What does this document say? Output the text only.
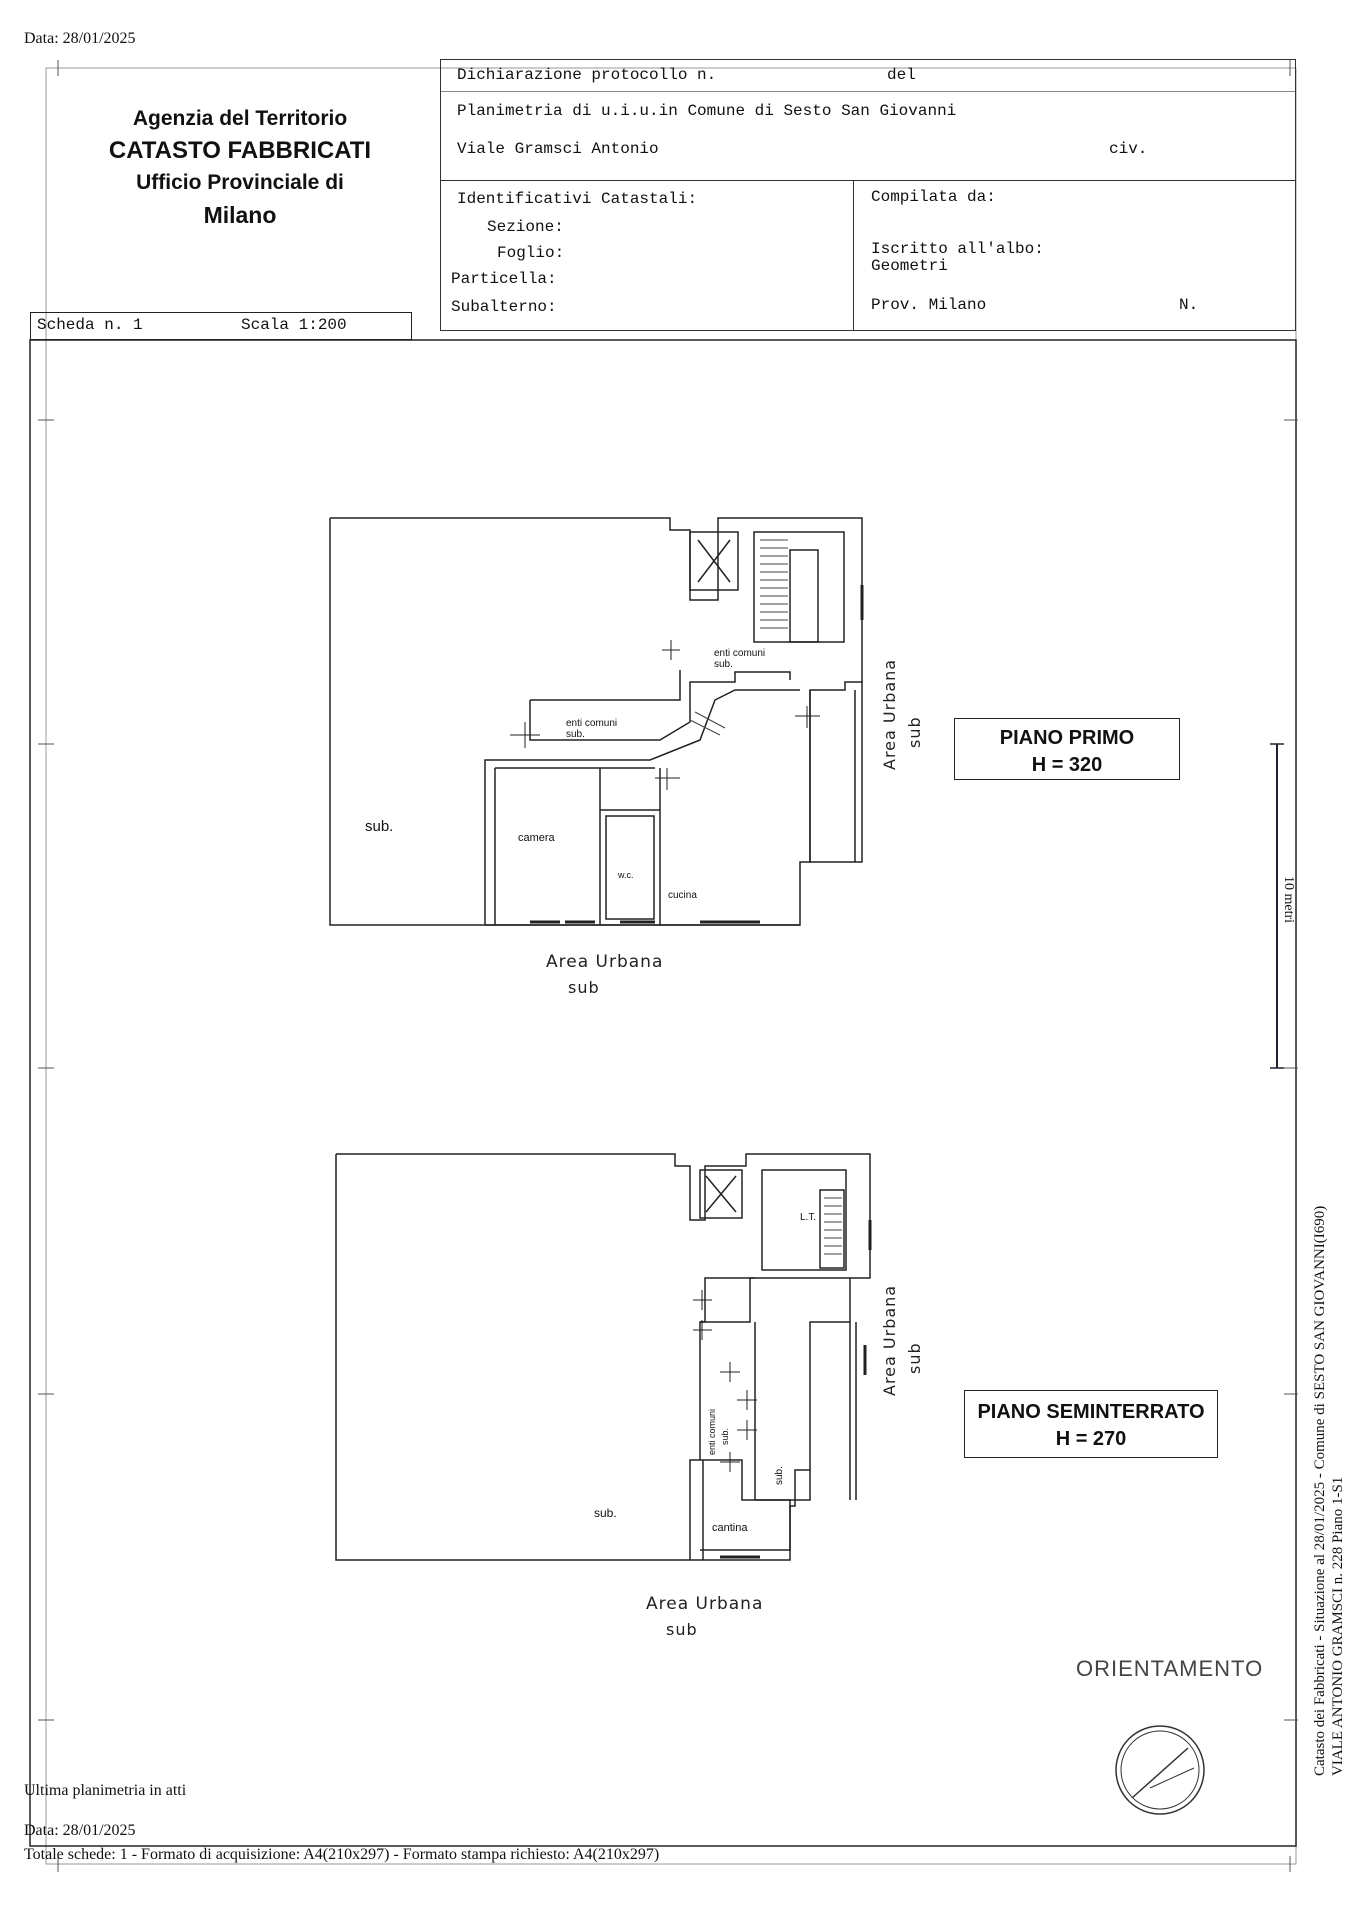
Data: 28/01/2025
Agenzia del Territorio
CATASTO FABBRICATI
Ufficio Provinciale di
Milano
Dichiarazione protocollo n.	del
Planimetria di u.i.u.in Comune di Sesto San Giovanni
Viale Gramsci Antonio	civ.
Identificativi Catastali:
Sezione:
Foglio:
Particella:
Subalterno:
Compilata da:
Iscritto all'albo:
Geometri
Prov. Milano	N.
Scheda n. 1	Scala 1:200
sub.
camera
w.c.
cucina
enti comuni
sub.
enti comuni
sub.
Area Urbana
sub
Area Urbana sub	PIANO PRIMO
H = 320
L.T.
enti comuni sub.
sub.
sub.
cantina
Area Urbana
sub
Area Urbana sub
PIANO SEMINTERRATO
H = 270
10 metri
ORIENTAMENTO	Catasto dei Fabbricati - Situazione al 28/01/2025 - Comune di SESTO SAN GIOVANNI(I690) VIALE ANTONIO GRAMSCI n. 228 Piano 1-S1
Ultima planimetria in atti
Data: 28/01/2025
Totale schede: 1 - Formato di acquisizione: A4(210x297) - Formato stampa richiesto: A4(210x297)
